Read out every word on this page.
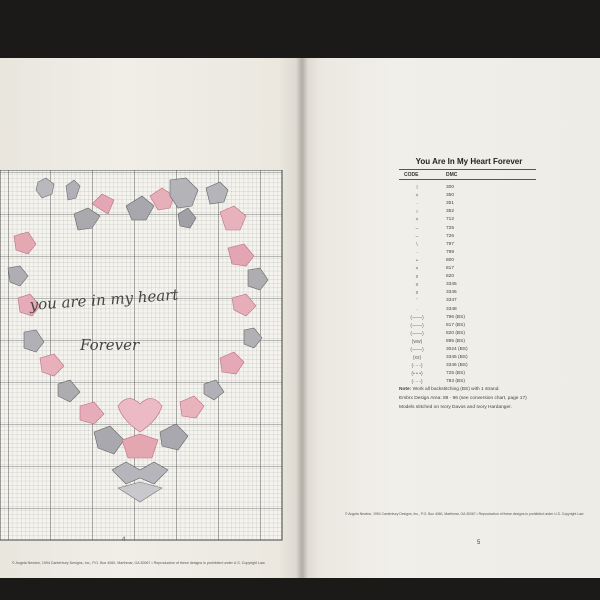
you are in my heart
Forever
© Angela Newton, 1994 Canterbury Designs, Inc., P.O. Box 4060, Marthmar, GA 30067 • Reproduction of these designs is prohibited under U.S. Copyright Law
4
You Are In My Heart Forever
CODE	DMC
l	300
×	350
·	351
○	352
×	712
–	725
–	726
\	797
·	799
•	800
×	817
x	820
v	3345
x	3346
'	3347
·	3348
(——)	796 (BS)
(——)	817 (BS)
(——)	820 (BS)
(ww)	895 (BS)
(——)	3024 (BS)
(xx)	3345 (BS)
(- - -)	3346 (BS)
(• • •)	725 (BS)
(- - -)	783 (BS)
Note: Work all backstitching (BS) with 1 strand.
Embrx Design Area: 89 · 96 (see conversion chart, page 17)
Models stitched on Ivory Davos and Ivory Hardanger.
© Angela Newton, 1994 Canterbury Designs, Inc., P.O. Box 4060, Marthmar, GA 30067 • Reproduction of these designs is prohibited under U.S. Copyright Law
5
